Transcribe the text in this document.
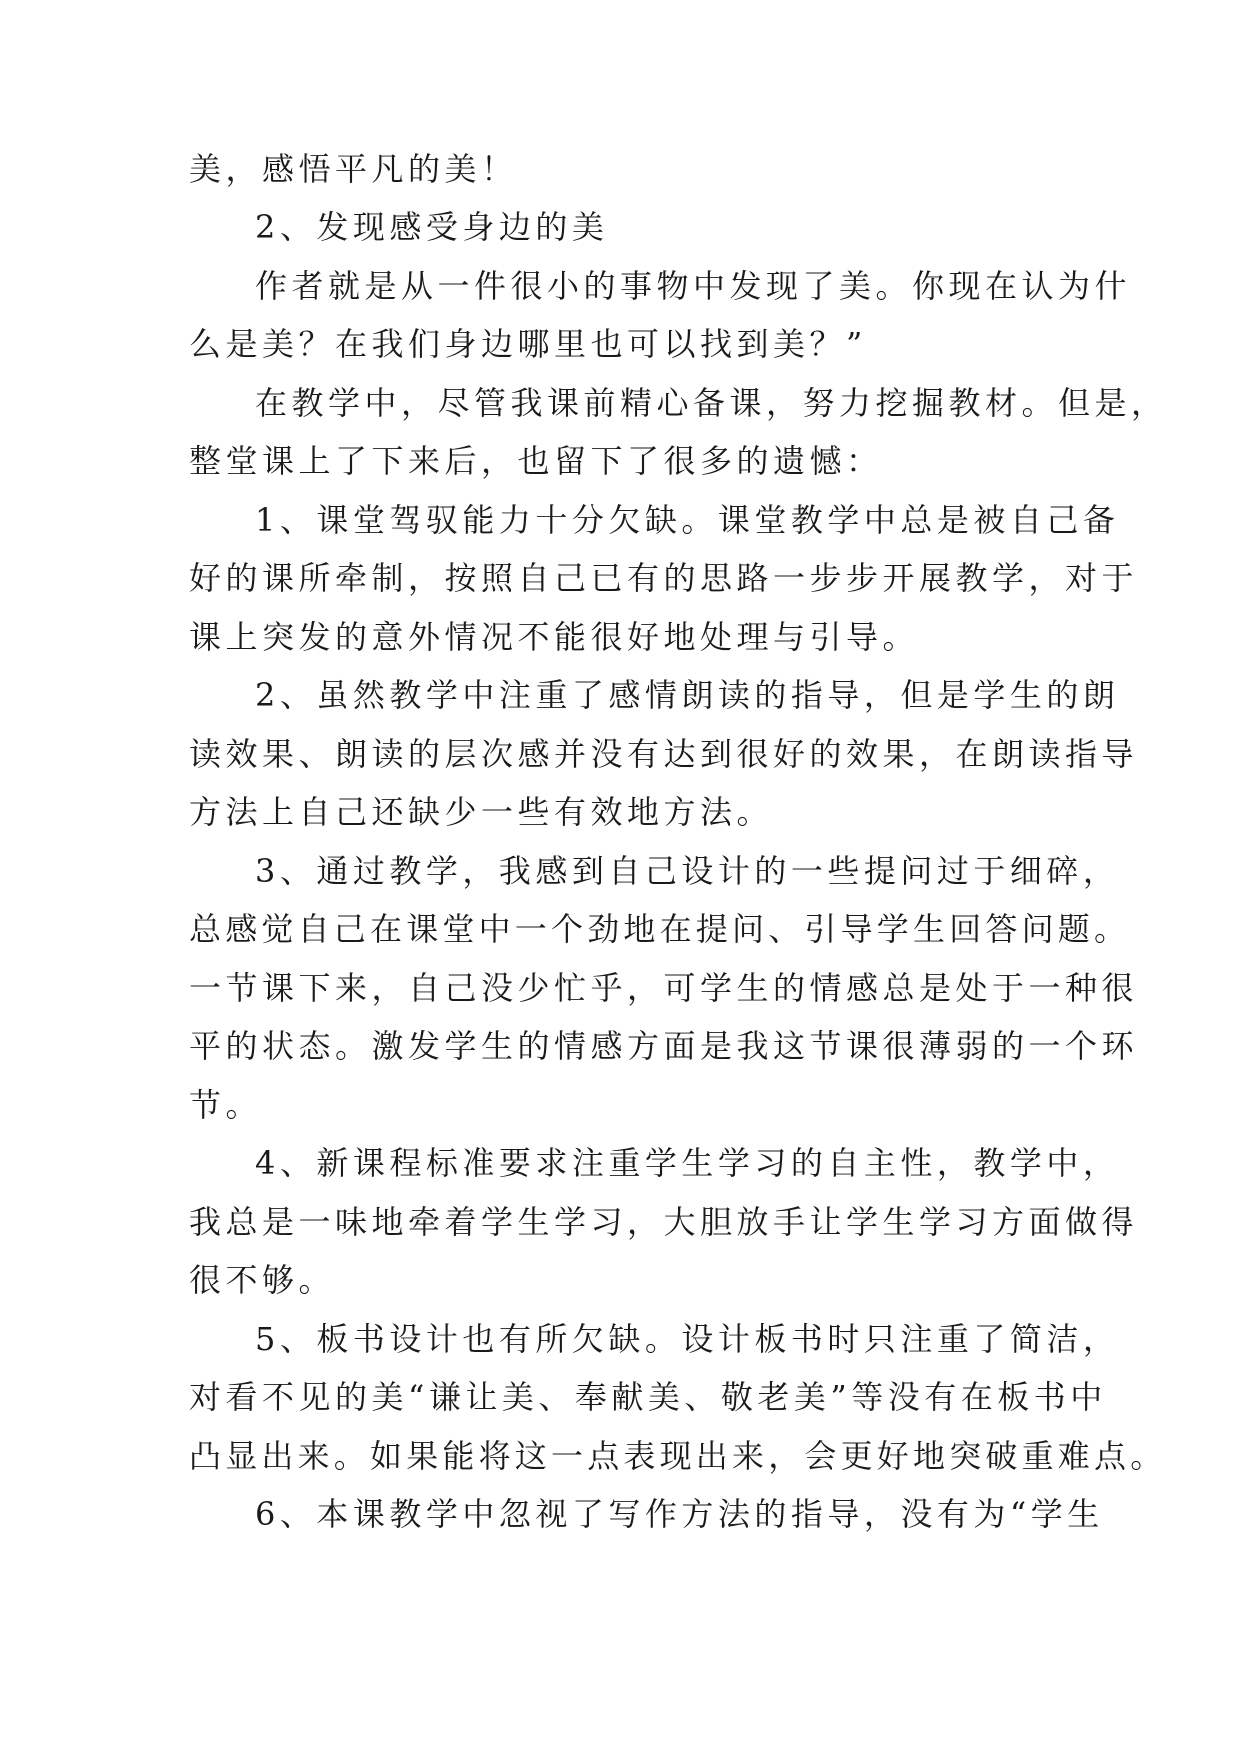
美，感悟平凡的美！
2、发现感受身边的美
作者就是从一件很小的事物中发现了美。你现在认为什
么是美？在我们身边哪里也可以找到美？”
在教学中，尽管我课前精心备课，努力挖掘教材。但是，
整堂课上了下来后，也留下了很多的遗憾：
1、课堂驾驭能力十分欠缺。课堂教学中总是被自己备
好的课所牵制，按照自己已有的思路一步步开展教学，对于
课上突发的意外情况不能很好地处理与引导。
2、虽然教学中注重了感情朗读的指导，但是学生的朗
读效果、朗读的层次感并没有达到很好的效果，在朗读指导
方法上自己还缺少一些有效地方法。
3、通过教学，我感到自己设计的一些提问过于细碎，
总感觉自己在课堂中一个劲地在提问、引导学生回答问题。
一节课下来，自己没少忙乎，可学生的情感总是处于一种很
平的状态。激发学生的情感方面是我这节课很薄弱的一个环
节。
4、新课程标准要求注重学生学习的自主性，教学中，
我总是一味地牵着学生学习，大胆放手让学生学习方面做得
很不够。
5、板书设计也有所欠缺。设计板书时只注重了简洁，
对看不见的美“谦让美、奉献美、敬老美”等没有在板书中
凸显出来。如果能将这一点表现出来，会更好地突破重难点。
6、本课教学中忽视了写作方法的指导，没有为“学生
